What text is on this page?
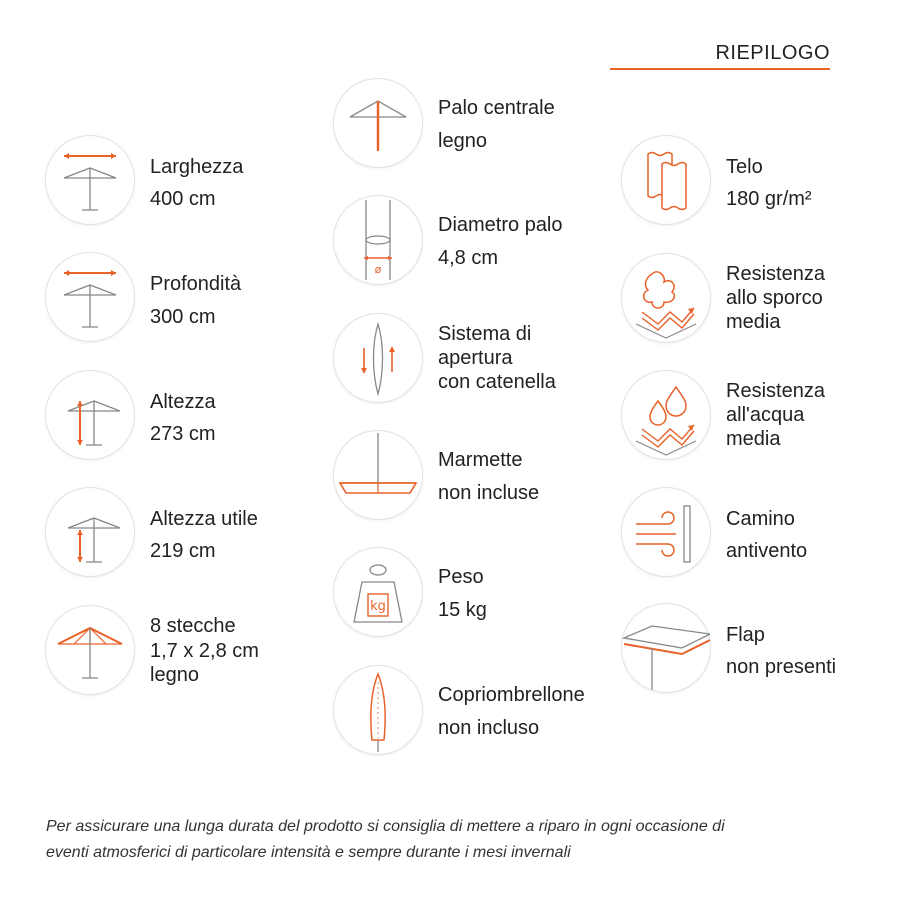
RIEPILOGO
Larghezza
400 cm
Profondità
300 cm
Altezza
273 cm
Altezza utile
219 cm
8 stecche
1,7 x 2,8 cm
legno
Palo centrale
legno
ø
Diametro palo
4,8 cm
Sistema di
apertura
con catenella
Marmette
non incluse
kg
Peso
15 kg
Copriombrellone
non incluso
Telo
180 gr/m²
Resistenza
allo sporco
media
Resistenza
all'acqua
media
Camino
antivento
Flap
non presenti
Per assicurare una lunga durata del prodotto si consiglia di mettere a riparo in ogni occasione di
eventi atmosferici di particolare intensità e sempre durante i mesi invernali
